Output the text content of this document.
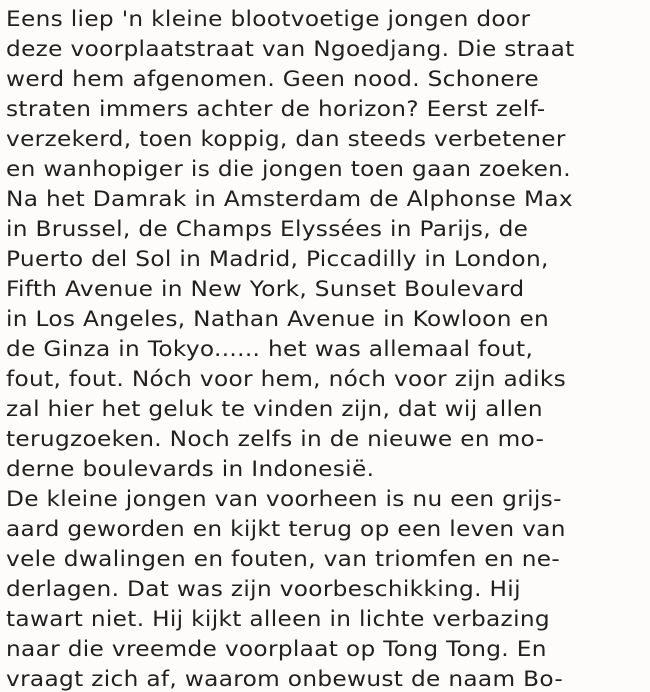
Eens liep 'n kleine blootvoetige jongen door
deze voorplaatstraat van Ngoedjang. Die straat
werd hem afgenomen. Geen nood. Schonere
straten immers achter de horizon? Eerst zelf-
verzekerd, toen koppig, dan steeds verbetener
en wanhopiger is die jongen toen gaan zoeken.
Na het Damrak in Amsterdam de Alphonse Max
in Brussel, de Champs Elyssées in Parijs, de
Puerto del Sol in Madrid, Piccadilly in London,
Fifth Avenue in New York, Sunset Boulevard
in Los Angeles, Nathan Avenue in Kowloon en
de Ginza in Tokyo...... het was allemaal fout,
fout, fout. Nóch voor hem, nóch voor zijn adiks
zal hier het geluk te vinden zijn, dat wij allen
terugzoeken. Noch zelfs in de nieuwe en mo-
derne boulevards in Indonesië.
De kleine jongen van voorheen is nu een grijs-
aard geworden en kijkt terug op een leven van
vele dwalingen en fouten, van triomfen en ne-
derlagen. Dat was zijn voorbeschikking. Hij
tawart niet. Hij kijkt alleen in lichte verbazing
naar die vreemde voorplaat op Tong Tong. En
vraagt zich af, waarom onbewust de naam Bo-
